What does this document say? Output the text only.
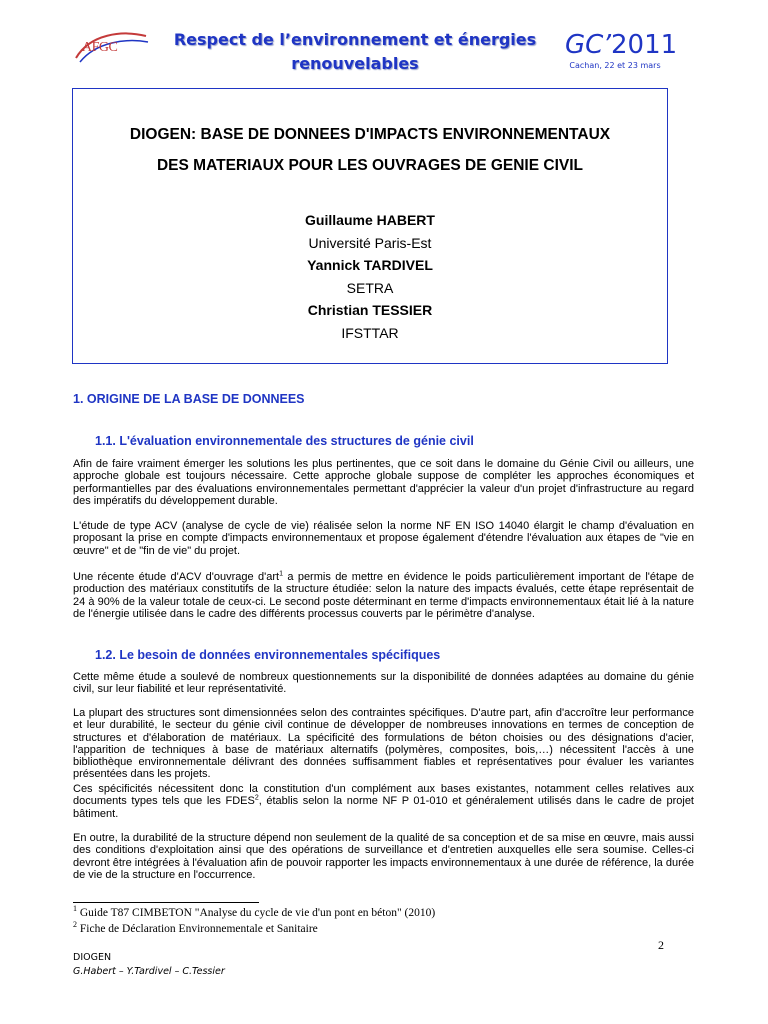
AFGC	Respect de l’environnement et énergies
renouvelables
GC’2011
Cachan, 22 et 23 mars
DIOGEN: BASE DE DONNEES D'IMPACTS ENVIRONNEMENTAUX
DES MATERIAUX POUR LES OUVRAGES DE GENIE CIVIL
Guillaume HABERT
Université Paris-Est
Yannick TARDIVEL
SETRA
Christian TESSIER
IFSTTAR
1. ORIGINE DE LA BASE DE DONNEES
1.1. L'évaluation environnementale des structures de génie civil

Afin de faire vraiment émerger les solutions les plus pertinentes, que ce soit dans le domaine du Génie Civil ou ailleurs, une approche globale est toujours nécessaire. Cette approche globale suppose de compléter les approches économiques et performantielles par des évaluations environnementales permettant d'apprécier la valeur d'un projet d'infrastructure au regard des impératifs du développement durable.

L'étude de type ACV (analyse de cycle de vie) réalisée selon la norme NF EN ISO 14040 élargit le champ d'évaluation en proposant la prise en compte d'impacts environnementaux et propose également d'étendre l'évaluation aux étapes de "vie en œuvre" et de "fin de vie" du projet.

Une récente étude d'ACV d'ouvrage d'art$^1$ a permis de mettre en évidence le poids particulièrement important de l'étape de production des matériaux constitutifs de la structure étudiée: selon la nature des impacts évalués, cette étape représentait de 24 à 90% de la valeur totale de ceux-ci. Le second poste déterminant en terme d'impacts environnementaux était lié à la nature de l'énergie utilisée dans le cadre des différents processus couverts par le périmètre d'analyse.

1.2. Le besoin de données environnementales spécifiques

Cette même étude a soulevé de nombreux questionnements sur la disponibilité de données adaptées au domaine du génie civil, sur leur fiabilité et leur représentativité.

La plupart des structures sont dimensionnées selon des contraintes spécifiques. D'autre part, afin d'accroître leur performance et leur durabilité, le secteur du génie civil continue de développer de nombreuses innovations en termes de conception de structures et d'élaboration de matériaux. La spécificité des formulations de béton choisies ou des désignations d'acier, l'apparition de techniques à base de matériaux alternatifs (polymères, composites, bois,…) nécessitent l'accès à une bibliothèque environnementale délivrant des données suffisamment fiables et représentatives pour évaluer les variantes présentées dans les projets.

Ces spécificités nécessitent donc la constitution d'un complément aux bases existantes, notamment celles relatives aux documents types tels que les FDES$^2$, établis selon la norme NF P 01-010 et généralement utilisés dans le cadre de projet bâtiment.

En outre, la durabilité de la structure dépend non seulement de la qualité de sa conception et de sa mise en œuvre, mais aussi des conditions d'exploitation ainsi que des opérations de surveillance et d'entretien auxquelles elle sera soumise. Celles-ci devront être intégrées à l'évaluation afin de pouvoir rapporter les impacts environnementaux à une durée de référence, la durée de vie de la structure en l'occurrence.

$^1$ Guide T87 CIMBETON "Analyse du cycle de vie d'un pont en béton" (2010)
$^2$ Fiche de Déclaration Environnementale et Sanitaire
2
DIOGEN
G.Habert – Y.Tardivel – C.Tessier
